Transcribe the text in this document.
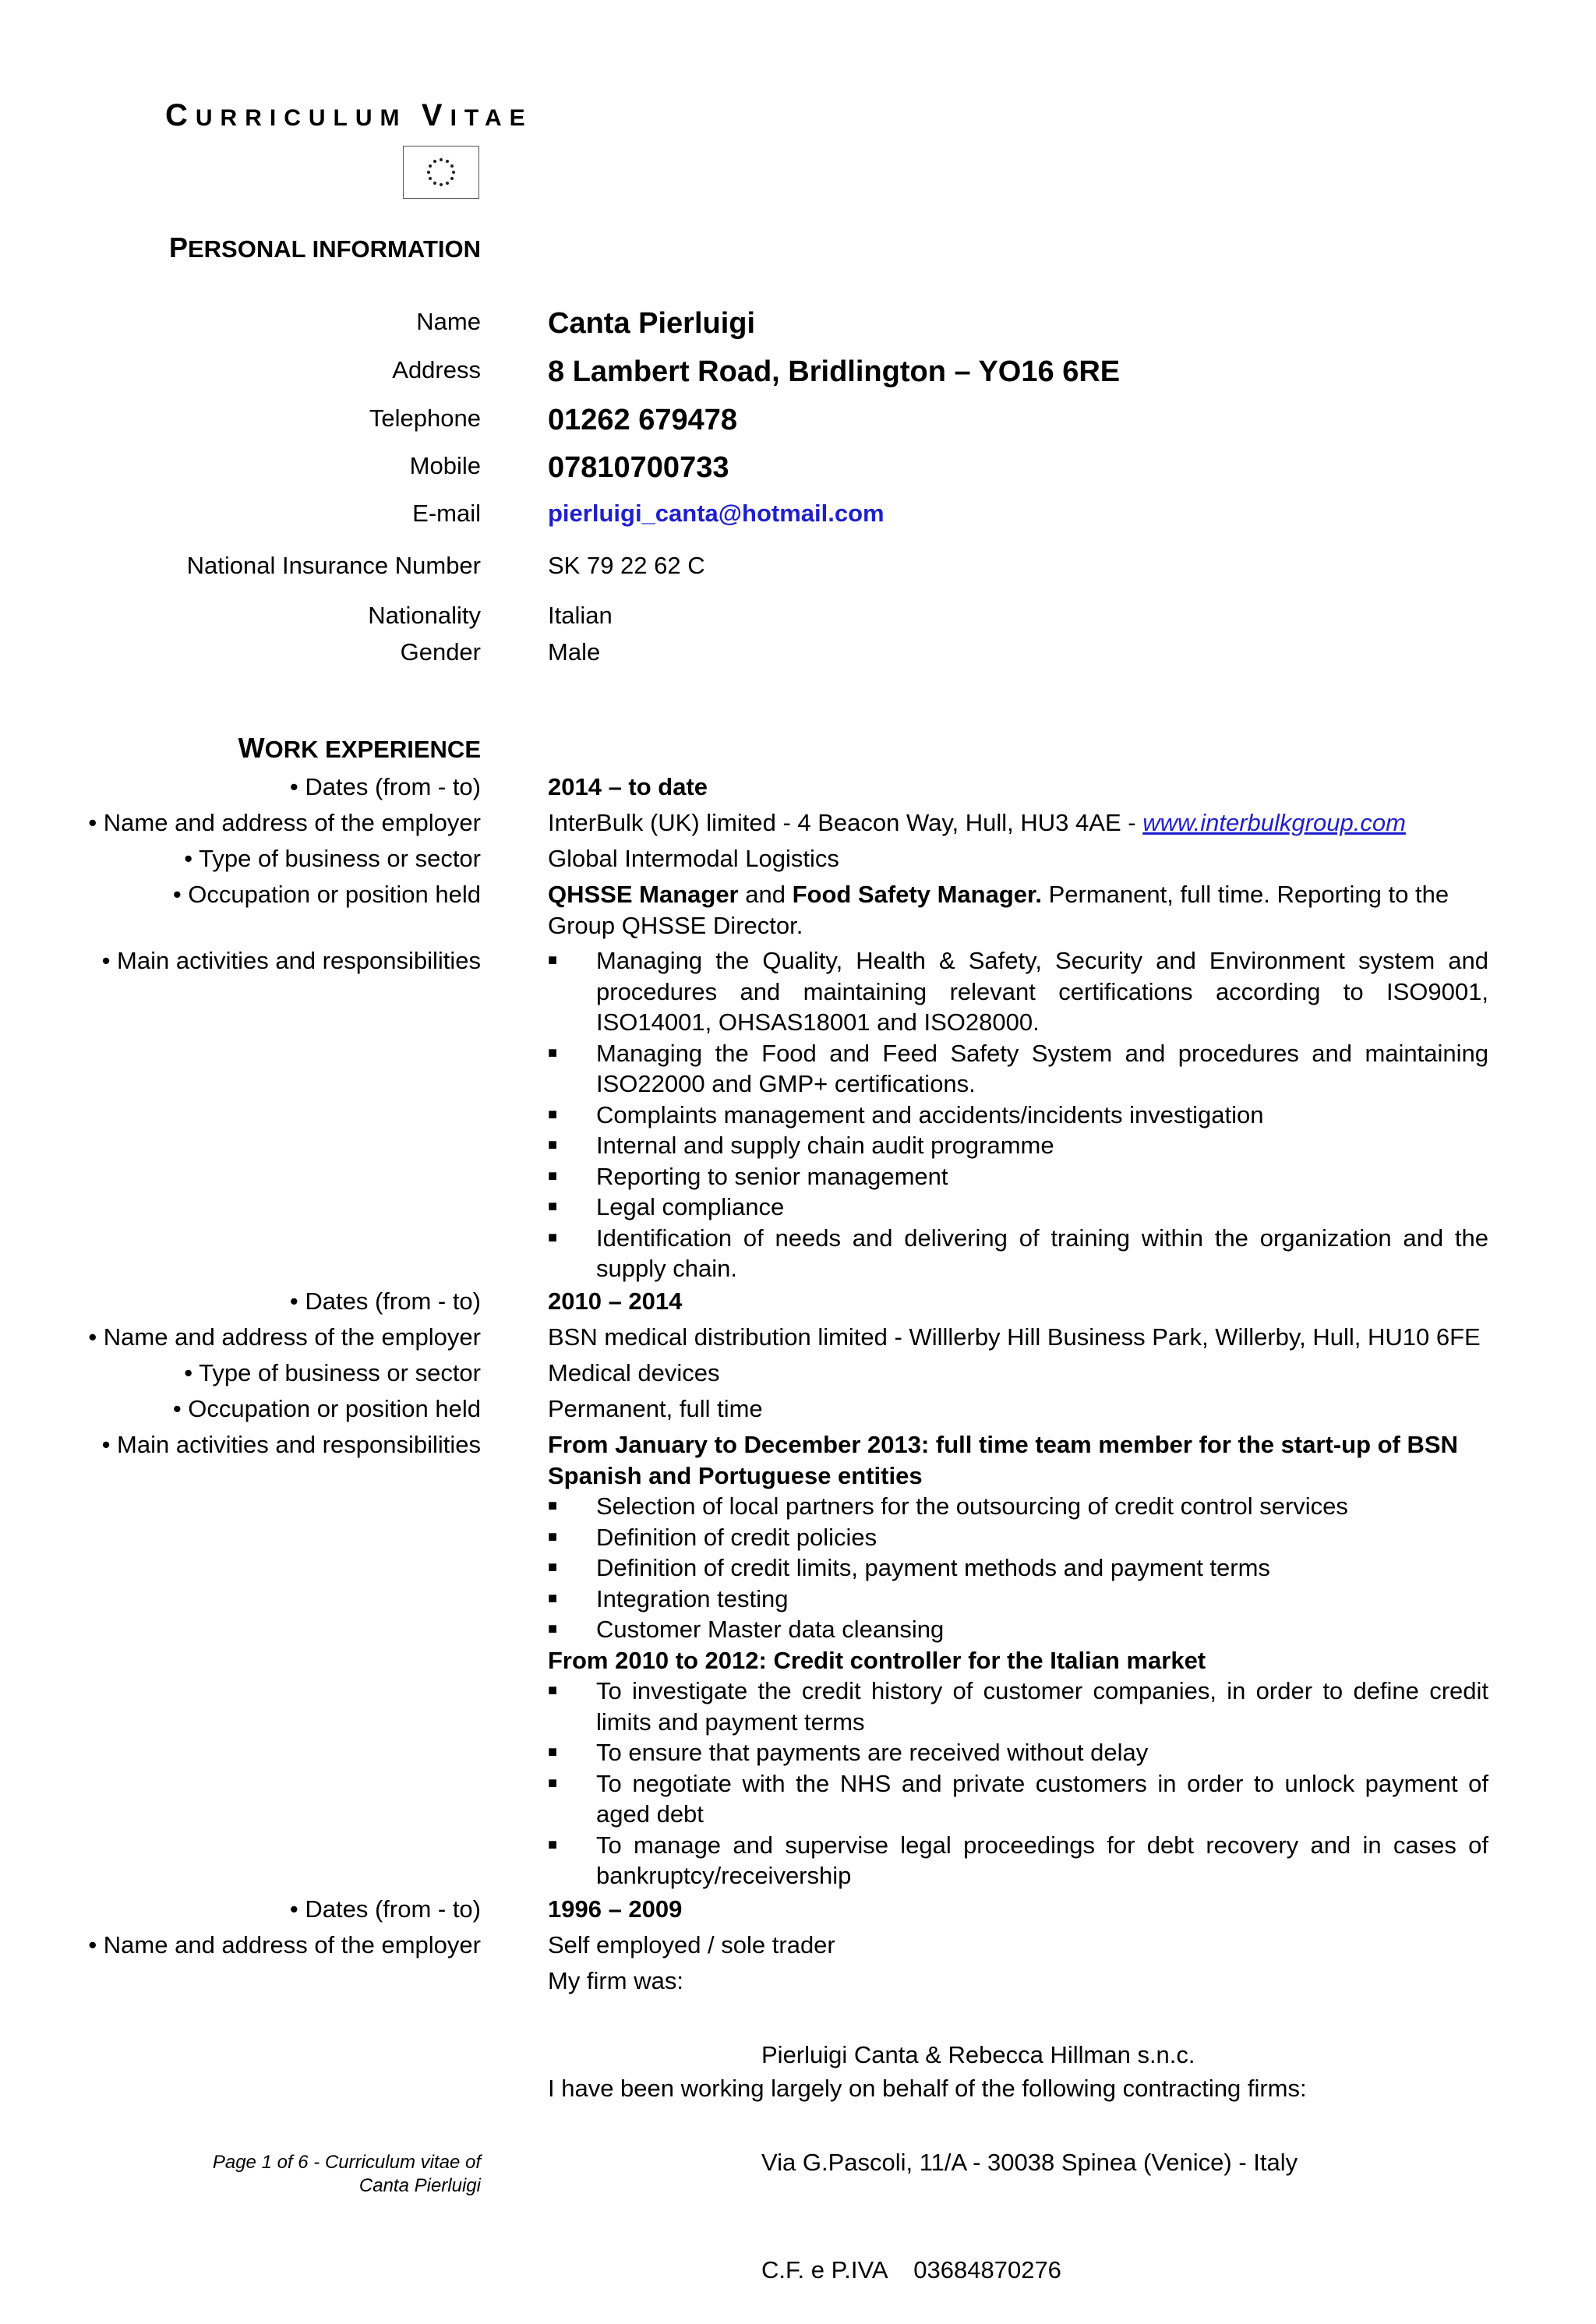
CURRICULUM VITAE
PERSONAL INFORMATION
Name Canta Pierluigi
Address 8 Lambert Road, Bridlington – YO16 6RE
Telephone 01262 679478
Mobile 07810700733
E-mail	pierluigi_canta@hotmail.com
National Insurance Number	SK 79 22 62 C
Nationality	Italian
Gender	Male
WORK EXPERIENCE
• Dates (from - to)	2014 – to date
• Name and address of the employer	InterBulk (UK) limited - 4 Beacon Way, Hull, HU3 4AE - www.interbulkgroup.com
• Type of business or sector	Global Intermodal Logistics
• Occupation or position held	QHSSE Manager and Food Safety Manager. Permanent, full time. Reporting to the Group QHSSE Director.
• Main activities and responsibilities
■	Managing the Quality, Health & Safety, Security and Environment system and procedures and maintaining relevant certifications according to ISO9001, ISO14001, OHSAS18001 and ISO28000.
■ Managing the Food and Feed Safety System and procedures and maintaining ISO22000 and GMP+ certifications.
■ Complaints management and accidents/incidents investigation
■ Internal and supply chain audit programme
■ Reporting to senior management
■ Legal compliance
■ Identification of needs and delivering of training within the organization and the supply chain.
• Dates (from - to)	2010 – 2014
• Name and address of the employer	BSN medical distribution limited - Willlerby Hill Business Park, Willerby, Hull, HU10 6FE
• Type of business or sector	Medical devices
• Occupation or position held	Permanent, full time
• Main activities and responsibilities	From January to December 2013: full time team member for the start-up of BSN Spanish and Portuguese entities
■ Selection of local partners for the outsourcing of credit control services
■ Definition of credit policies
■ Definition of credit limits, payment methods and payment terms
■ Integration testing
■ Customer Master data cleansing
From 2010 to 2012: Credit controller for the Italian market
■ To investigate the credit history of customer companies, in order to define credit limits and payment terms
■ To ensure that payments are received without delay
■ To negotiate with the NHS and private customers in order to unlock payment of aged debt
■ To manage and supervise legal proceedings for debt recovery and in cases of bankruptcy/receivership
• Dates (from - to)	1996 – 2009
• Name and address of the employer	Self employed / sole trader
My firm was:

Pierluigi Canta & Rebecca Hillman s.n.c.

Via G.Pascoli, 11/A - 30038 Spinea (Venice) - Italy

C.F. e P.IVA    03684870276

I have been working largely on behalf of the following contracting firms:
Page 1 of 6 - Curriculum vitae of
Canta Pierluigi
